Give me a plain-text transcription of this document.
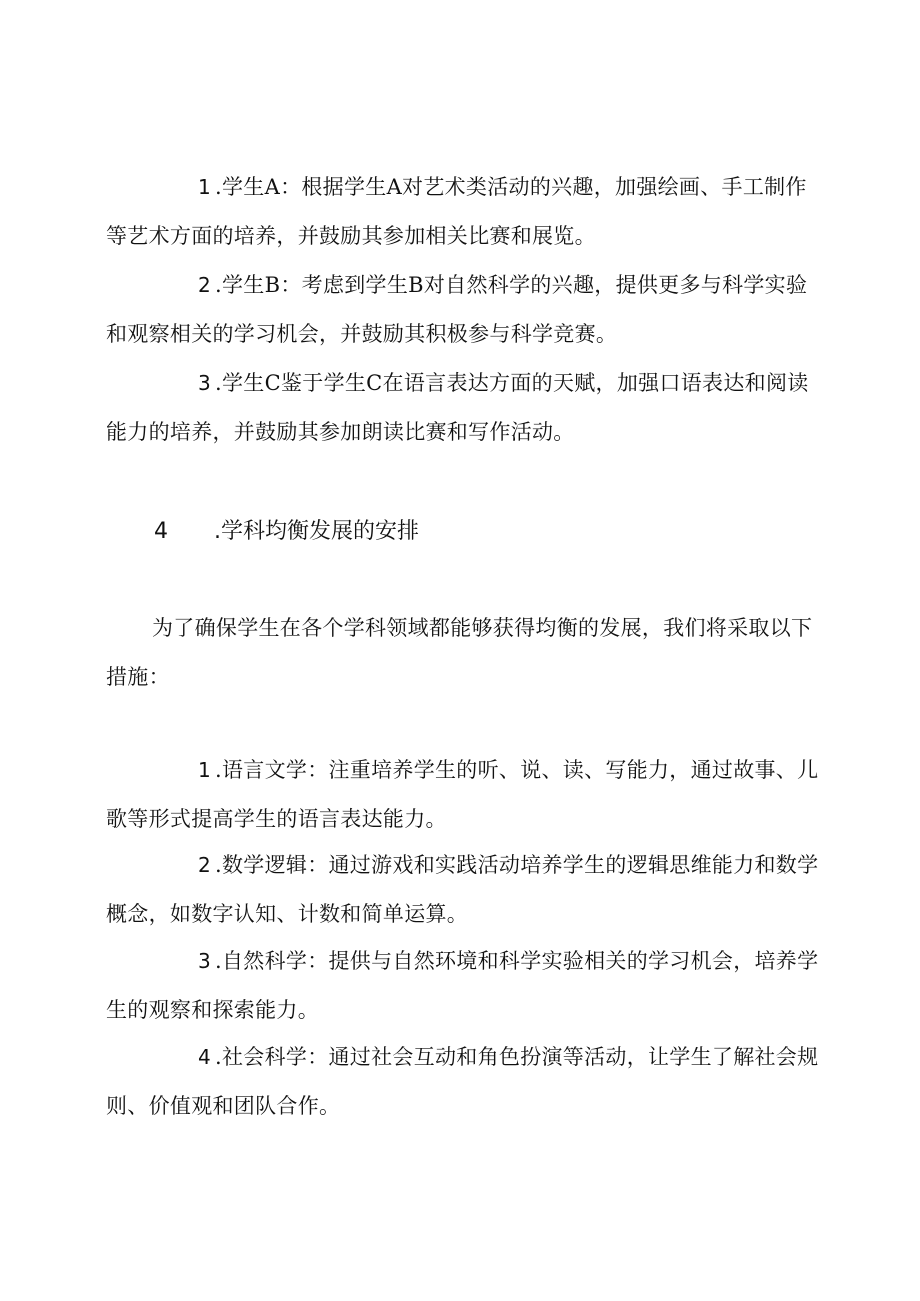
1 .学生A：根据学生A对艺术类活动的兴趣，加强绘画、手工制作等艺术方面的培养，并鼓励其参加相关比赛和展览。

2 .学生B：考虑到学生B对自然科学的兴趣，提供更多与科学实验和观察相关的学习机会，并鼓励其积极参与科学竞赛。

3 .学生C鉴于学生C在语言表达方面的天赋，加强口语表达和阅读能力的培养，并鼓励其参加朗读比赛和写作活动。

4 .学科均衡发展的安排

为了确保学生在各个学科领域都能够获得均衡的发展，我们将采取以下措施：

1 .语言文学：注重培养学生的听、说、读、写能力，通过故事、儿歌等形式提高学生的语言表达能力。

2 .数学逻辑：通过游戏和实践活动培养学生的逻辑思维能力和数学概念，如数字认知、计数和简单运算。

3 .自然科学：提供与自然环境和科学实验相关的学习机会，培养学生的观察和探索能力。

4 .社会科学：通过社会互动和角色扮演等活动，让学生了解社会规则、价值观和团队合作。
